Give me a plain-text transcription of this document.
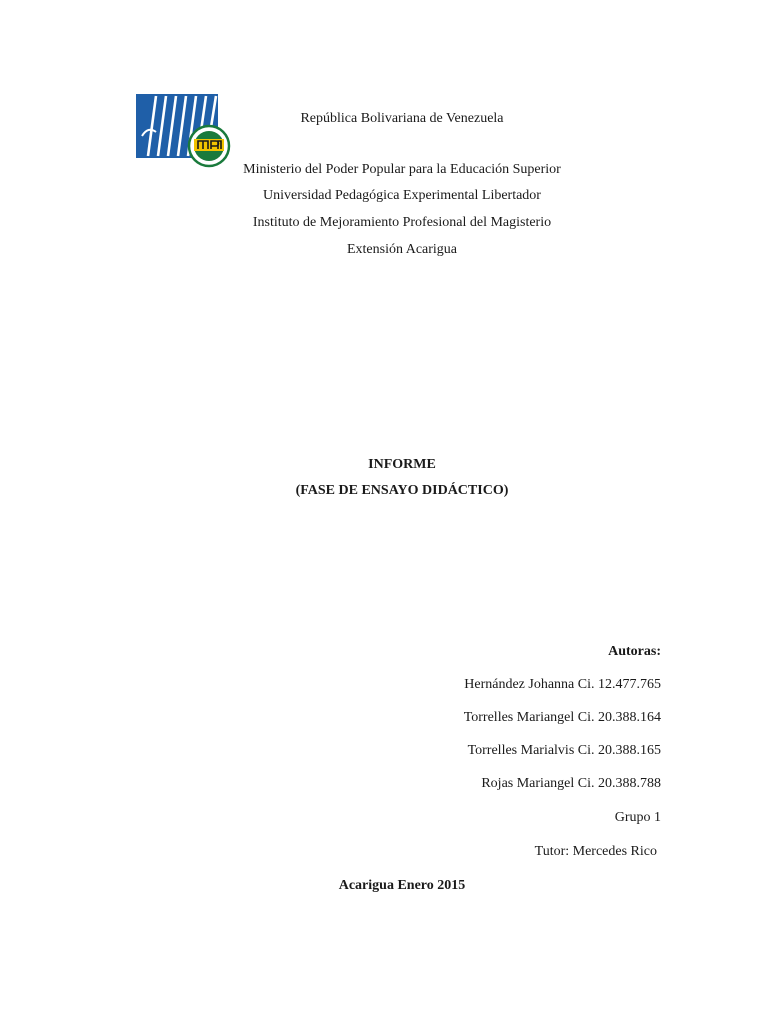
República Bolivariana de Venezuela
Ministerio del Poder Popular para la Educación Superior
Universidad Pedagógica Experimental Libertador
Instituto de Mejoramiento Profesional del Magisterio
Extensión Acarigua
INFORME
(FASE DE ENSAYO DIDÁCTICO)
Autoras:
Hernández Johanna Ci. 12.477.765
Torrelles Mariangel Ci. 20.388.164
Torrelles Marialvis Ci. 20.388.165
Rojas Mariangel Ci. 20.388.788
Grupo 1
Tutor: Mercedes Rico
Acarigua Enero 2015
